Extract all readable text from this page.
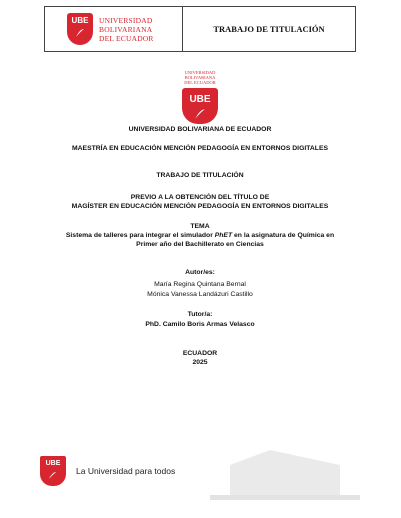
UBE	UNIVERSIDAD
BOLIVARIANA
DEL ECUADOR
TRABAJO DE TITULACIÓN
UNIVERSIDAD
BOLIVARIANA
DEL ECUADOR
UBE
UNIVERSIDAD BOLIVARIANA DE ECUADOR
MAESTRÍA EN EDUCACIÓN MENCIÓN PEDAGOGÍA EN ENTORNOS DIGITALES
TRABAJO DE TITULACIÓN
PREVIO A LA OBTENCIÓN DEL TÍTULO DE
MAGÍSTER EN EDUCACIÓN MENCIÓN PEDAGOGÍA EN ENTORNOS DIGITALES
TEMA
Sistema de talleres para integrar el simulador PhET en la asignatura de Química en
Primer año del Bachillerato en Ciencias
Autor/es:
María Regina Quintana Bernal
Mónica Vanessa Landázuri Castillo
Tutor/a:
PhD. Camilo Boris Armas Velasco
ECUADOR
2025
UBE
La Universidad para todos
